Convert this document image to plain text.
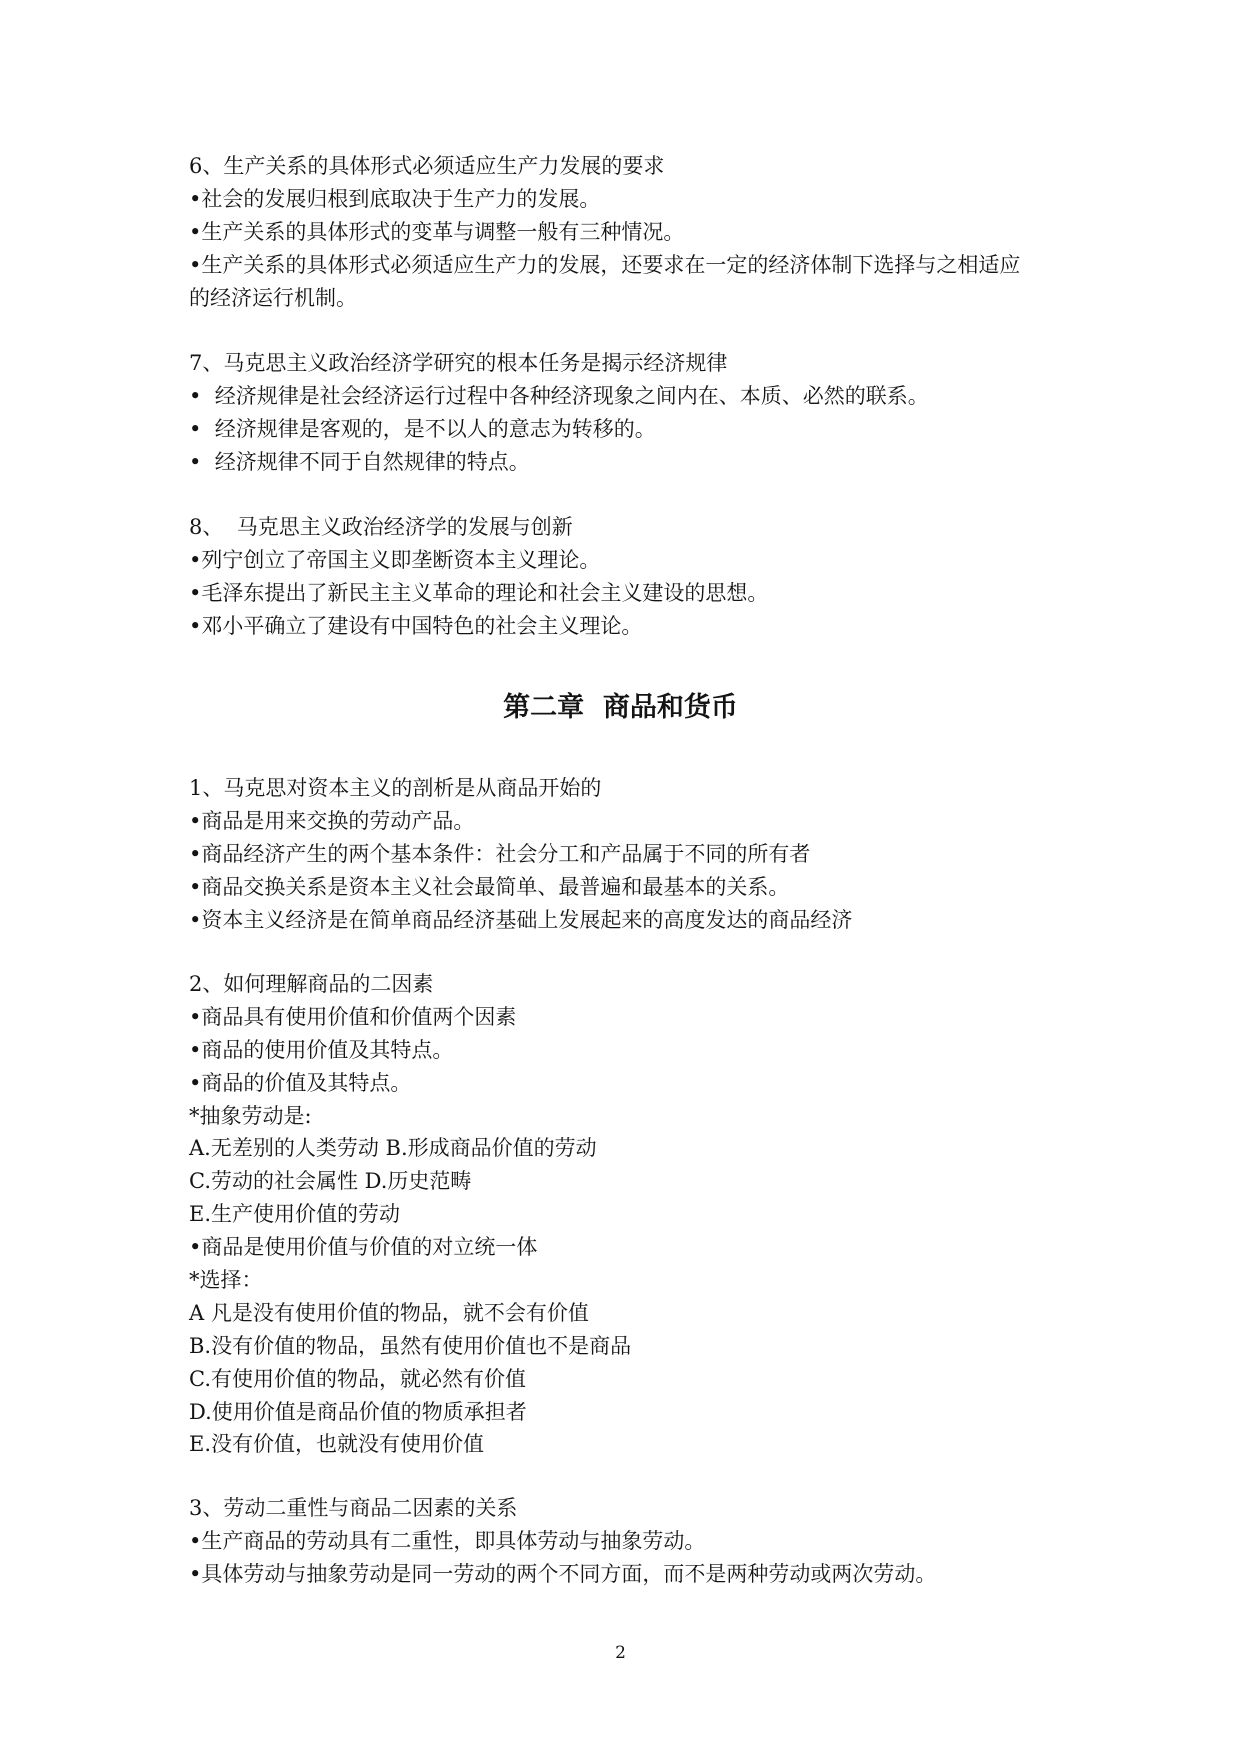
6、生产关系的具体形式必须适应生产力发展的要求
•社会的发展归根到底取决于生产力的发展。
•生产关系的具体形式的变革与调整一般有三种情况。
•生产关系的具体形式必须适应生产力的发展，还要求在一定的经济体制下选择与之相适应
的经济运行机制。
7、马克思主义政治经济学研究的根本任务是揭示经济规律
•  经济规律是社会经济运行过程中各种经济现象之间内在、本质、必然的联系。
•  经济规律是客观的，是不以人的意志为转移的。
•  经济规律不同于自然规律的特点。
8、  马克思主义政治经济学的发展与创新
•列宁创立了帝国主义即垄断资本主义理论。
•毛泽东提出了新民主主义革命的理论和社会主义建设的思想。
•邓小平确立了建设有中国特色的社会主义理论。
第二章  商品和货币
1、马克思对资本主义的剖析是从商品开始的
•商品是用来交换的劳动产品。
•商品经济产生的两个基本条件：社会分工和产品属于不同的所有者
•商品交换关系是资本主义社会最简单、最普遍和最基本的关系。
•资本主义经济是在简单商品经济基础上发展起来的高度发达的商品经济
2、如何理解商品的二因素
•商品具有使用价值和价值两个因素
•商品的使用价值及其特点。
•商品的价值及其特点。
*抽象劳动是:
A.无差别的人类劳动 B.形成商品价值的劳动
C.劳动的社会属性 D.历史范畴
E.生产使用价值的劳动
•商品是使用价值与价值的对立统一体
*选择：
A 凡是没有使用价值的物品，就不会有价值
B.没有价值的物品，虽然有使用价值也不是商品
C.有使用价值的物品，就必然有价值
D.使用价值是商品价值的物质承担者
E.没有价值，也就没有使用价值
3、劳动二重性与商品二因素的关系
•生产商品的劳动具有二重性，即具体劳动与抽象劳动。
•具体劳动与抽象劳动是同一劳动的两个不同方面，而不是两种劳动或两次劳动。
2
